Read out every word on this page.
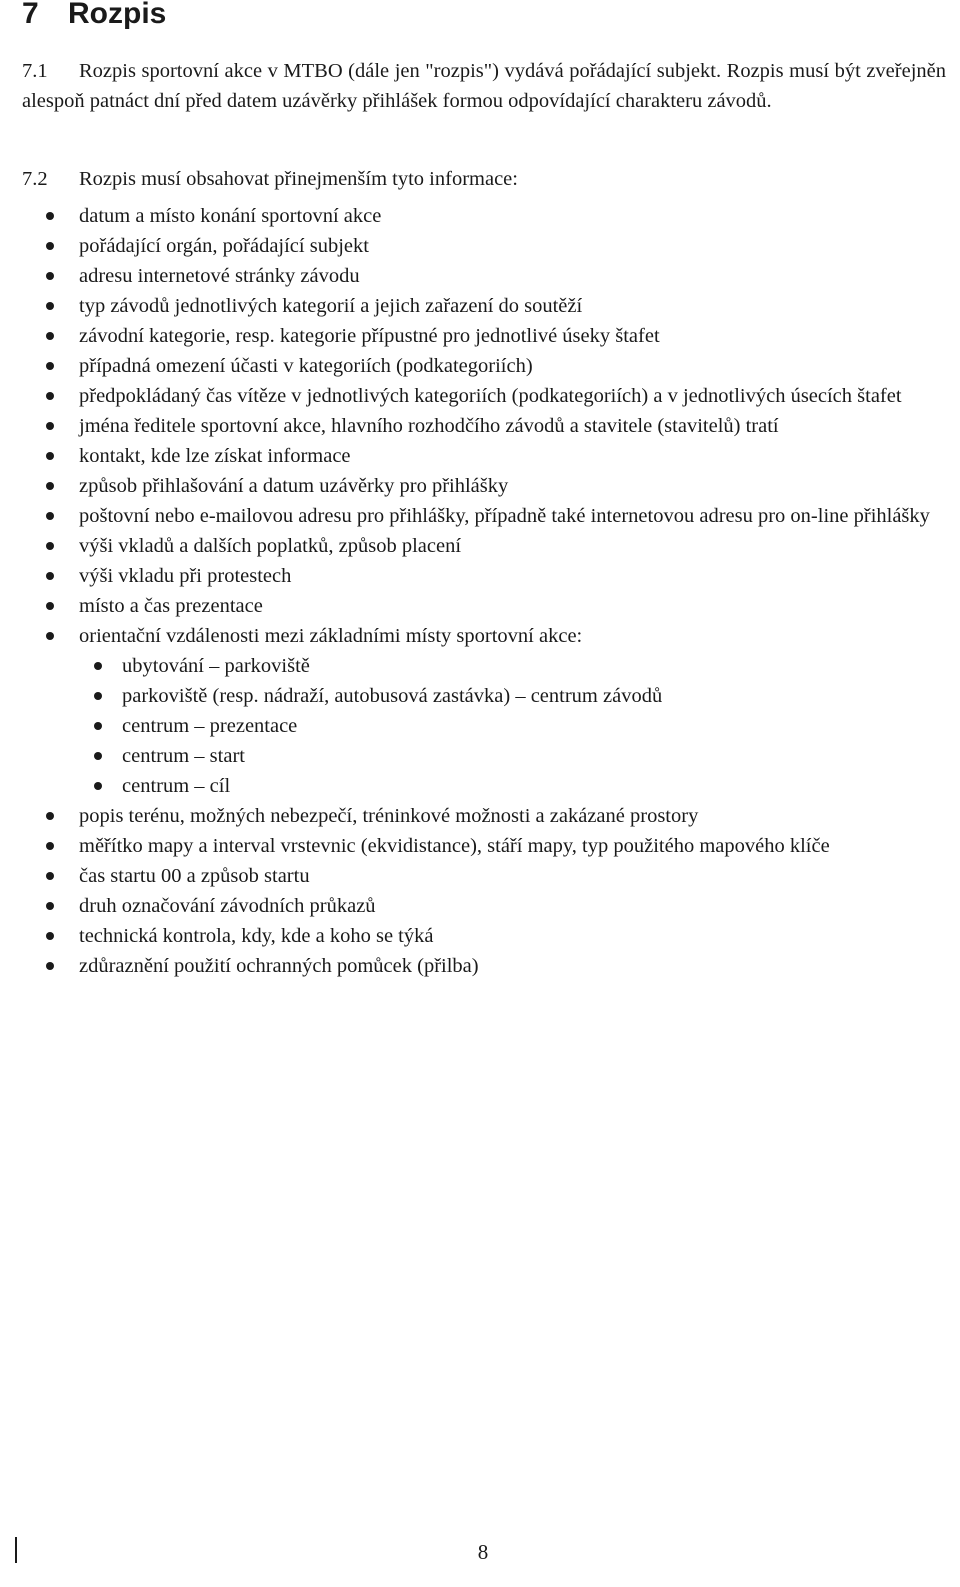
7 Rozpis
7.1	Rozpis sportovní akce v MTBO (dále jen "rozpis") vydává pořádající subjekt. Rozpis musí být zveřejněn alespoň patnáct dní před datem uzávěrky přihlášek formou odpovídající charakteru závodů.
7.2	Rozpis musí obsahovat přinejmenším tyto informace:
datum a místo konání sportovní akce
pořádající orgán, pořádající subjekt
adresu internetové stránky závodu
typ závodů jednotlivých kategorií a jejich zařazení do soutěží
závodní kategorie, resp. kategorie přípustné pro jednotlivé úseky štafet
případná omezení účasti v kategoriích (podkategoriích)
předpokládaný čas vítěze v jednotlivých kategoriích (podkategoriích) a v jednotlivých úsecích štafet
jména ředitele sportovní akce, hlavního rozhodčího závodů a stavitele (stavitelů) tratí
kontakt, kde lze získat informace
způsob přihlašování a datum uzávěrky pro přihlášky
poštovní nebo e-mailovou adresu pro přihlášky, případně také internetovou adresu pro on-line přihlášky
výši vkladů a dalších poplatků, způsob placení
výši vkladu při protestech
místo a čas prezentace
orientační vzdálenosti mezi základními místy sportovní akce:
ubytování – parkoviště
parkoviště (resp. nádraží, autobusová zastávka) – centrum závodů
centrum – prezentace
centrum – start
centrum – cíl
popis terénu, možných nebezpečí, tréninkové možnosti a zakázané prostory
měřítko mapy a interval vrstevnic (ekvidistance), stáří mapy, typ použitého mapového klíče
čas startu 00 a způsob startu
druh označování závodních průkazů
technická kontrola, kdy, kde a koho se týká
zdůraznění použití ochranných pomůcek (přilba)
8
